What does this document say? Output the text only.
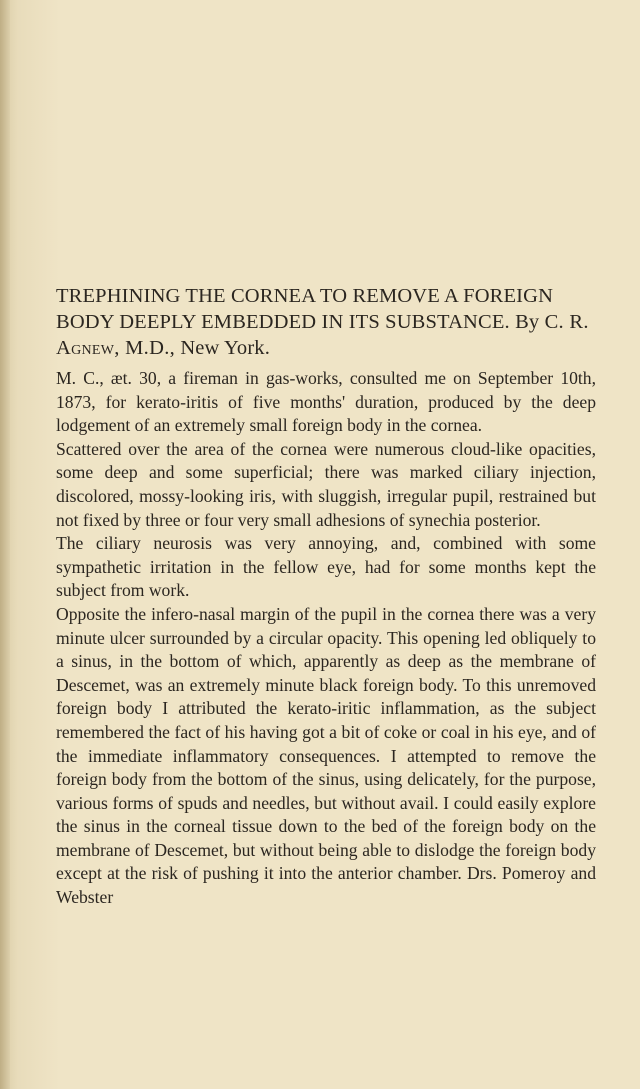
TREPHINING THE CORNEA TO REMOVE A FOREIGN BODY DEEPLY EMBEDDED IN ITS SUBSTANCE. By C. R. Agnew, M.D., New York.

M. C., æt. 30, a fireman in gas-works, consulted me on September 10th, 1873, for kerato-iritis of five months' duration, produced by the deep lodgement of an extremely small foreign body in the cornea.

Scattered over the area of the cornea were numerous cloud-like opacities, some deep and some superficial; there was marked ciliary injection, discolored, mossy-looking iris, with sluggish, irregular pupil, restrained but not fixed by three or four very small adhesions of synechia posterior.

The ciliary neurosis was very annoying, and, combined with some sympathetic irritation in the fellow eye, had for some months kept the subject from work.

Opposite the infero-nasal margin of the pupil in the cornea there was a very minute ulcer surrounded by a circular opacity. This opening led obliquely to a sinus, in the bottom of which, apparently as deep as the membrane of Descemet, was an extremely minute black foreign body. To this unremoved foreign body I attributed the kerato-iritic inflammation, as the subject remembered the fact of his having got a bit of coke or coal in his eye, and of the immediate inflammatory consequences. I attempted to remove the foreign body from the bottom of the sinus, using delicately, for the purpose, various forms of spuds and needles, but without avail. I could easily explore the sinus in the corneal tissue down to the bed of the foreign body on the membrane of Descemet, but without being able to dislodge the foreign body except at the risk of pushing it into the anterior chamber. Drs. Pomeroy and Webster
